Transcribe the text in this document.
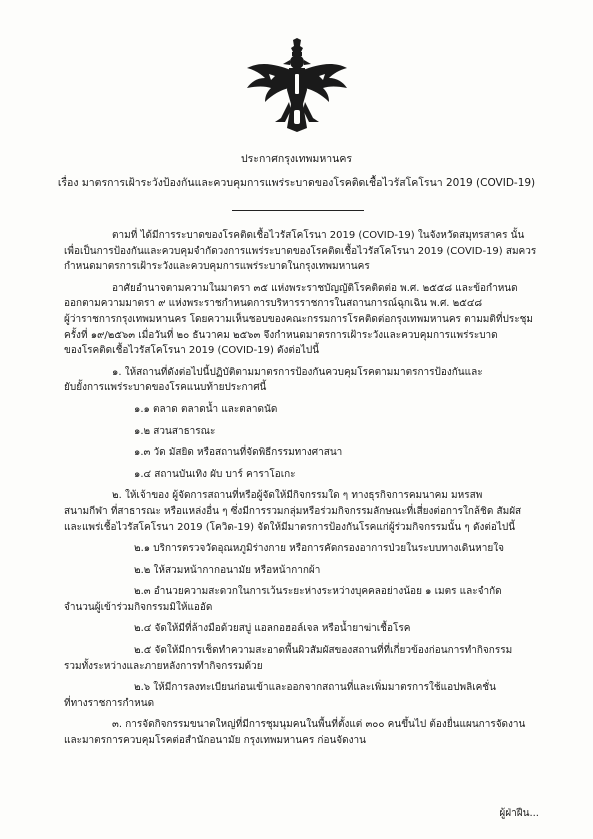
ประกาศกรุงเทพมหานคร
เรื่อง มาตรการเฝ้าระวังป้องกันและควบคุมการแพร่ระบาดของโรคติดเชื้อไวรัสโคโรนา 2019 (COVID-19)
ตามที่ ได้มีการระบาดของโรคติดเชื้อไวรัสโคโรนา 2019 (COVID-19) ในจังหวัดสมุทรสาคร นั้น
เพื่อเป็นการป้องกันและควบคุมจำกัดวงการแพร่ระบาดของโรคติดเชื้อไวรัสโคโรนา 2019 (COVID-19) สมควร
กำหนดมาตรการเฝ้าระวังและควบคุมการแพร่ระบาดในกรุงเทพมหานคร
อาศัยอำนาจตามความในมาตรา ๓๕ แห่งพระราชบัญญัติโรคติดต่อ พ.ศ. ๒๕๕๘ และข้อกำหนด
ออกตามความมาตรา ๙ แห่งพระราชกำหนดการบริหารราชการในสถานการณ์ฉุกเฉิน พ.ศ. ๒๕๔๘
ผู้ว่าราชการกรุงเทพมหานคร โดยความเห็นชอบของคณะกรรมการโรคติดต่อกรุงเทพมหานคร ตามมติที่ประชุม
ครั้งที่ ๑๙/๒๕๖๓ เมื่อวันที่ ๒๐ ธันวาคม ๒๕๖๓ จึงกำหนดมาตรการเฝ้าระวังและควบคุมการแพร่ระบาด
ของโรคติดเชื้อไวรัสโคโรนา 2019 (COVID-19) ดังต่อไปนี้
๑. ให้สถานที่ดังต่อไปนี้ปฏิบัติตามมาตรการป้องกันควบคุมโรคตามมาตรการป้องกันและ
ยับยั้งการแพร่ระบาดของโรคแนบท้ายประกาศนี้
๑.๑ ตลาด ตลาดน้ำ และตลาดนัด
๑.๒ สวนสาธารณะ
๑.๓ วัด มัสยิด หรือสถานที่จัดพิธีกรรมทางศาสนา
๑.๔ สถานบันเทิง ผับ บาร์ คาราโอเกะ
๒. ให้เจ้าของ ผู้จัดการสถานที่หรือผู้จัดให้มีกิจกรรมใด ๆ ทางธุรกิจการคมนาคม มหรสพ
สนามกีฬา ที่สาธารณะ หรือแหล่งอื่น ๆ ซึ่งมีการรวมกลุ่มหรือร่วมกิจกรรมลักษณะที่เสี่ยงต่อการใกล้ชิด สัมผัส
และแพร่เชื้อไวรัสโคโรนา 2019 (โควิด-19) จัดให้มีมาตรการป้องกันโรคแก่ผู้ร่วมกิจกรรมนั้น ๆ ดังต่อไปนี้
๒.๑ บริการตรวจวัดอุณหภูมิร่างกาย หรือการคัดกรองอาการป่วยในระบบทางเดินหายใจ
๒.๒ ให้สวมหน้ากากอนามัย หรือหน้ากากผ้า
๒.๓ อำนวยความสะดวกในการเว้นระยะห่างระหว่างบุคคลอย่างน้อย ๑ เมตร และจำกัด
จำนวนผู้เข้าร่วมกิจกรรมมิให้แออัด
๒.๔ จัดให้มีที่ล้างมือด้วยสบู่ แอลกอฮอล์เจล หรือน้ำยาฆ่าเชื้อโรค
๒.๕ จัดให้มีการเช็ดทำความสะอาดพื้นผิวสัมผัสของสถานที่ที่เกี่ยวข้องก่อนการทำกิจกรรม
รวมทั้งระหว่างและภายหลังการทำกิจกรรมด้วย
๒.๖ ให้มีการลงทะเบียนก่อนเข้าและออกจากสถานที่และเพิ่มมาตรการใช้แอปพลิเคชั่น
ที่ทางราชการกำหนด
๓. การจัดกิจกรรมขนาดใหญ่ที่มีการชุมนุมคนในพื้นที่ตั้งแต่ ๓๐๐ คนขึ้นไป ต้องยื่นแผนการจัดงาน
และมาตรการควบคุมโรคต่อสำนักอนามัย กรุงเทพมหานคร ก่อนจัดงาน
ผู้ฝ่าฝืน...
